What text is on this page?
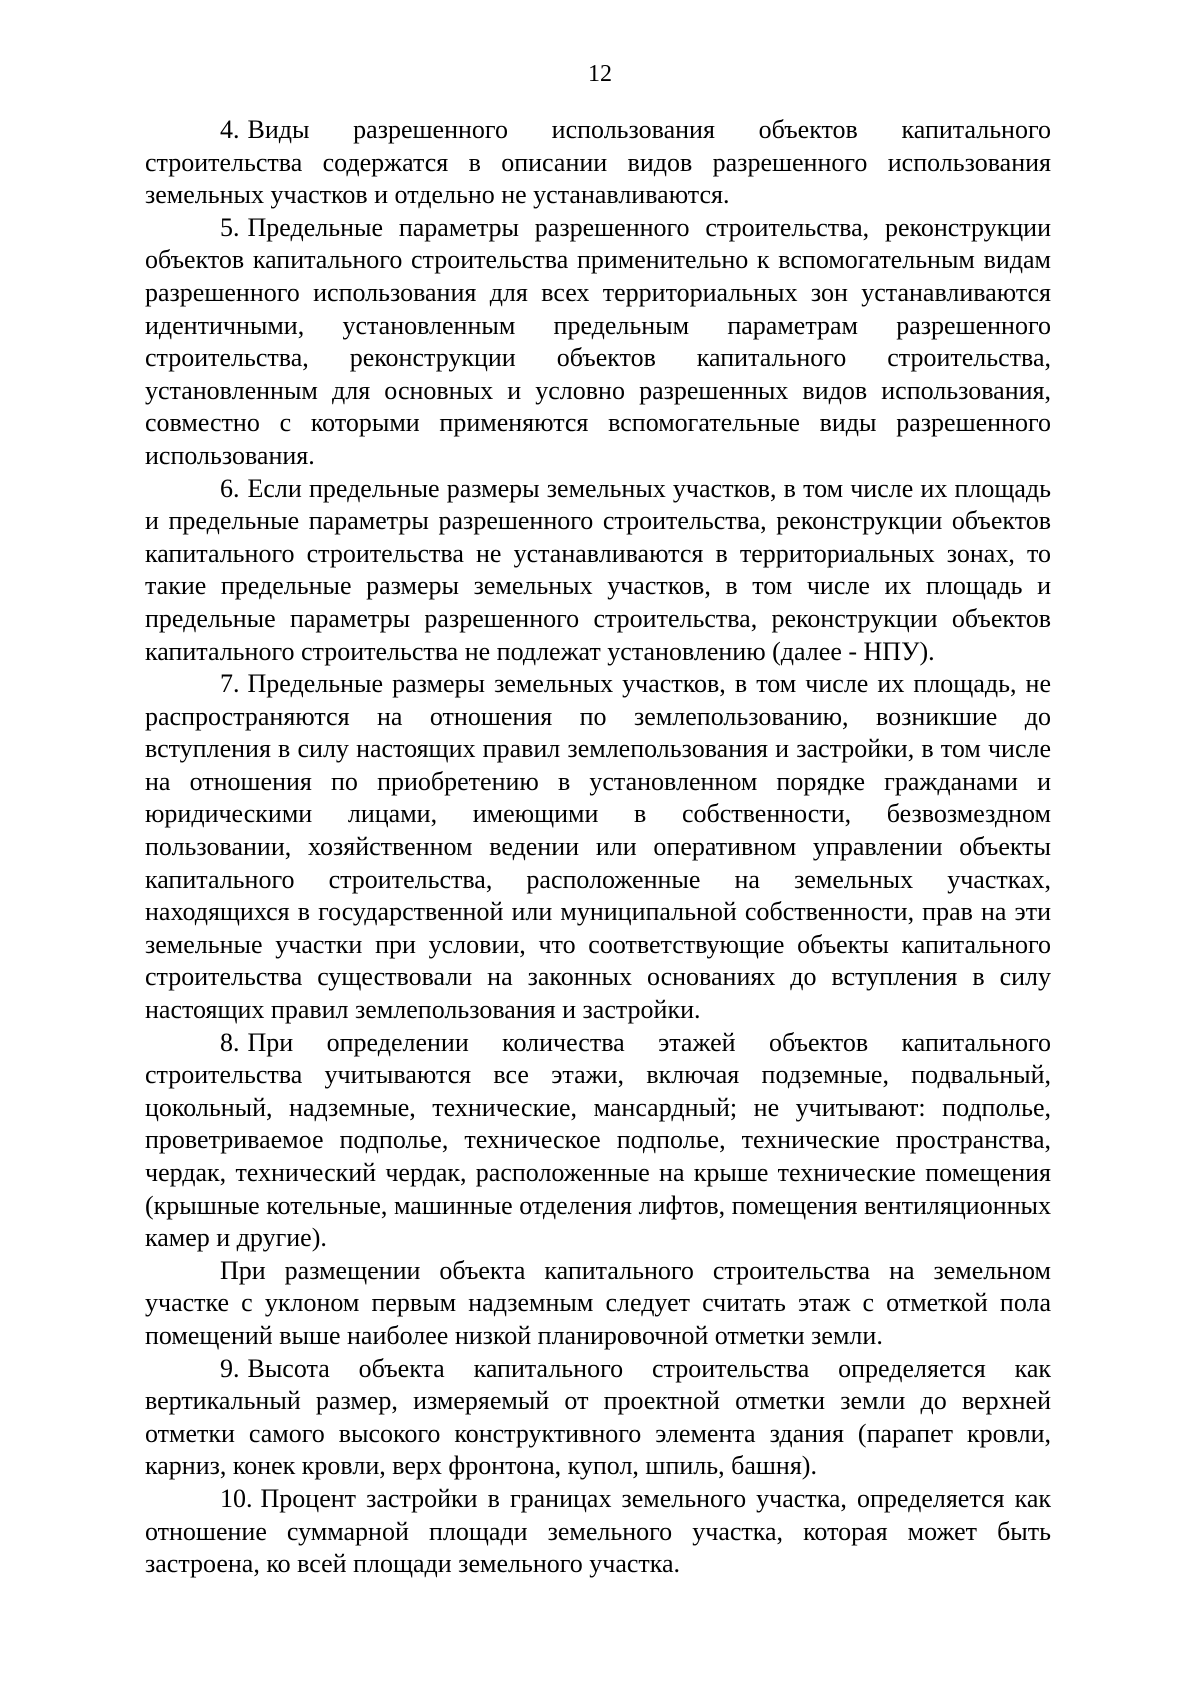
12

4. Виды разрешенного использования объектов капитального строительства содержатся в описании видов разрешенного использования земельных участков и отдельно не устанавливаются.

5. Предельные параметры разрешенного строительства, реконструкции объектов капитального строительства применительно к вспомогательным видам разрешенного использования для всех территориальных зон устанавливаются идентичными, установленным предельным параметрам разрешенного строительства, реконструкции объектов капитального строительства, установленным для основных и условно разрешенных видов использования, совместно с которыми применяются вспомогательные виды разрешенного использования.

6. Если предельные размеры земельных участков, в том числе их площадь и предельные параметры разрешенного строительства, реконструкции объектов капитального строительства не устанавливаются в территориальных зонах, то такие предельные размеры земельных участков, в том числе их площадь и предельные параметры разрешенного строительства, реконструкции объектов капитального строительства не подлежат установлению (далее - НПУ).

7. Предельные размеры земельных участков, в том числе их площадь, не распространяются на отношения по землепользованию, возникшие до вступления в силу настоящих правил землепользования и застройки, в том числе на отношения по приобретению в установленном порядке гражданами и юридическими лицами, имеющими в собственности, безвозмездном пользовании, хозяйственном ведении или оперативном управлении объекты капитального строительства, расположенные на земельных участках, находящихся в государственной или муниципальной собственности, прав на эти земельные участки при условии, что соответствующие объекты капитального строительства существовали на законных основаниях до вступления в силу настоящих правил землепользования и застройки.

8. При определении количества этажей объектов капитального строительства учитываются все этажи, включая подземные, подвальный, цокольный, надземные, технические, мансардный; не учитывают: подполье, проветриваемое подполье, техническое подполье, технические пространства, чердак, технический чердак, расположенные на крыше технические помещения (крышные котельные, машинные отделения лифтов, помещения вентиляционных камер и другие).

При размещении объекта капитального строительства на земельном участке с уклоном первым надземным следует считать этаж с отметкой пола помещений выше наиболее низкой планировочной отметки земли.

9. Высота объекта капитального строительства определяется как вертикальный размер, измеряемый от проектной отметки земли до верхней отметки самого высокого конструктивного элемента здания (парапет кровли, карниз, конек кровли, верх фронтона, купол, шпиль, башня).

10. Процент застройки в границах земельного участка, определяется как отношение суммарной площади земельного участка, которая может быть застроена, ко всей площади земельного участка.
